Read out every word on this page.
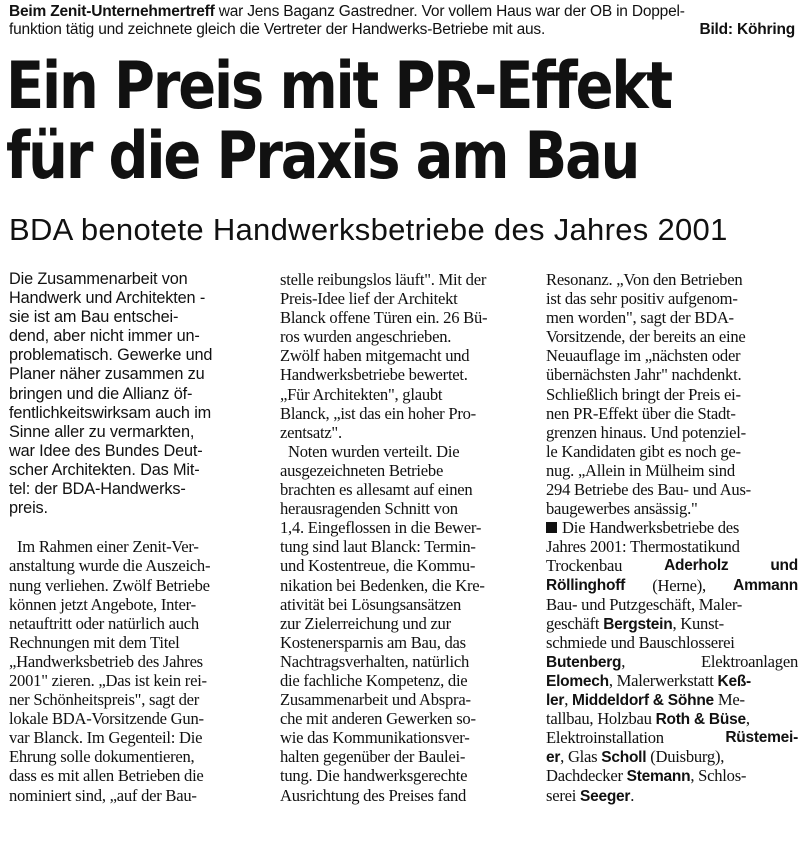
Beim Zenit-Unternehmertreff war Jens Baganz Gastredner. Vor vollem Haus war der OB in Doppel-
funktion tätig und zeichnete gleich die Vertreter der Handwerks-Betriebe mit aus.	Bild: Köhring
Ein Preis mit PR-Effekt
für die Praxis am Bau
BDA benotete Handwerksbetriebe des Jahres 2001
Die Zusammenarbeit von
Handwerk und Architekten -
sie ist am Bau entschei-
dend, aber nicht immer un-
problematisch. Gewerke und
Planer näher zusammen zu
bringen und die Allianz öf-
fentlichkeitswirksam auch im
Sinne aller zu vermarkten,
war Idee des Bundes Deut-
scher Architekten. Das Mit-
tel: der BDA-Handwerks-
preis.
Im Rahmen einer Zenit-Ver-
anstaltung wurde die Auszeich-
nung verliehen. Zwölf Betriebe
können jetzt Angebote, Inter-
netauftritt oder natürlich auch
Rechnungen mit dem Titel
„Handwerksbetrieb des Jahres
2001" zieren. „Das ist kein rei-
ner Schönheitspreis", sagt der
lokale BDA-Vorsitzende Gun-
var Blanck. Im Gegenteil: Die
Ehrung solle dokumentieren,
dass es mit allen Betrieben die
nominiert sind, „auf der Bau-
stelle reibungslos läuft". Mit der
Preis-Idee lief der Architekt
Blanck offene Türen ein. 26 Bü-
ros wurden angeschrieben.
Zwölf haben mitgemacht und
Handwerksbetriebe bewertet.
„Für Architekten", glaubt
Blanck, „ist das ein hoher Pro-
zentsatz".
Noten wurden verteilt. Die
ausgezeichneten Betriebe
brachten es allesamt auf einen
herausragenden Schnitt von
1,4. Eingeflossen in die Bewer-
tung sind laut Blanck: Termin-
und Kostentreue, die Kommu-
nikation bei Bedenken, die Kre-
ativität bei Lösungsansätzen
zur Zielerreichung und zur
Kostenersparnis am Bau, das
Nachtragsverhalten, natürlich
die fachliche Kompetenz, die
Zusammenarbeit und Abspra-
che mit anderen Gewerken so-
wie das Kommunikationsver-
halten gegenüber der Baulei-
tung. Die handwerksgerechte
Ausrichtung des Preises fand
Resonanz. „Von den Betrieben
ist das sehr positiv aufgenom-
men worden", sagt der BDA-
Vorsitzende, der bereits an eine
Neuauflage im „nächsten oder
übernächsten Jahr" nachdenkt.
Schließlich bringt der Preis ei-
nen PR-Effekt über die Stadt-
grenzen hinaus. Und potenziel-
le Kandidaten gibt es noch ge-
nug. „Allein in Mülheim sind
294 Betriebe des Bau- und Aus-
baugewerbes ansässig."
Die Handwerksbetriebe des
Jahres 2001: Thermostatikund
Trockenbau	Aderholz	und
Röllinghoff (Herne), Ammann
Bau- und Putzgeschäft, Maler-
geschäft Bergstein, Kunst-
schmiede und Bauschlosserei
Butenberg,	Elektroanlagen
Elomech, Malerwerkstatt Keß-
ler, Middeldorf & Söhne Me-
tallbau, Holzbau Roth & Büse,
Elektroinstallation	Rüstemei-
er, Glas Scholl (Duisburg),
Dachdecker Stemann, Schlos-
serei Seeger.
